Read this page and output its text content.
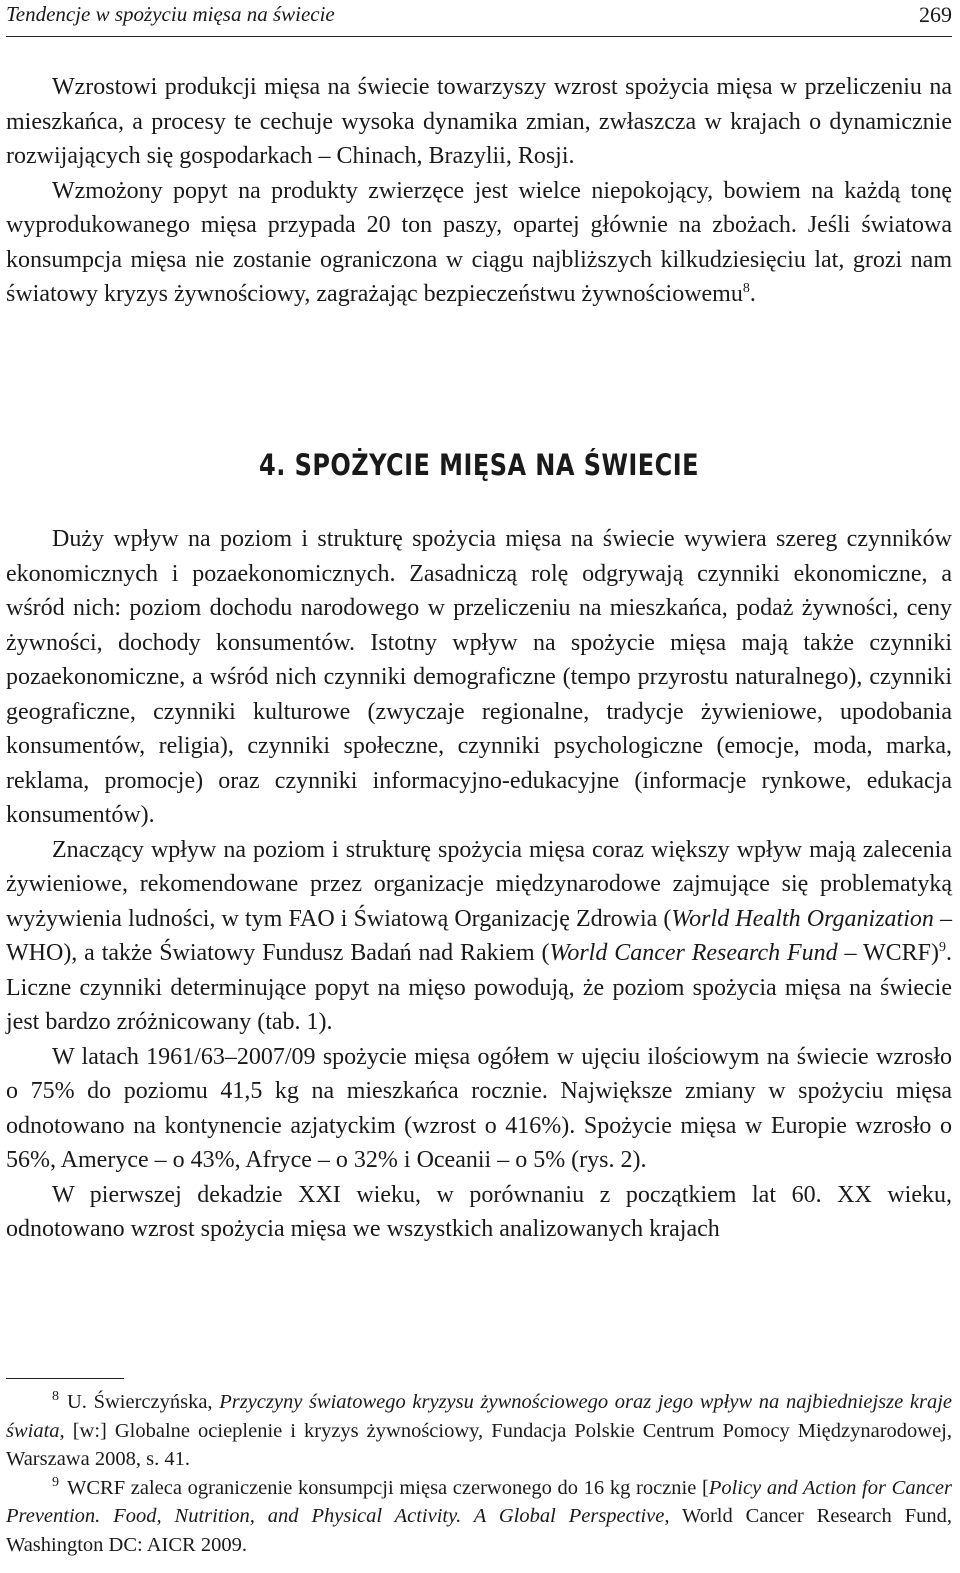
Tendencje w spożyciu mięsa na świecie	269

Wzrostowi produkcji mięsa na świecie towarzyszy wzrost spożycia mięsa w przeliczeniu na mieszkańca, a procesy te cechuje wysoka dynamika zmian, zwłaszcza w krajach o dynamicznie rozwijających się gospodarkach – Chinach, Brazylii, Rosji.

Wzmożony popyt na produkty zwierzęce jest wielce niepokojący, bowiem na każdą tonę wyprodukowanego mięsa przypada 20 ton paszy, opartej głównie na zbożach. Jeśli światowa konsumpcja mięsa nie zostanie ograniczona w ciągu najbliższych kilkudziesięciu lat, grozi nam światowy kryzys żywnościowy, zagrażając bezpieczeństwu żywnościowemu$^8$.

4. SPOŻYCIE MIĘSA NA ŚWIECIE

Duży wpływ na poziom i strukturę spożycia mięsa na świecie wywiera szereg czynników ekonomicznych i pozaekonomicznych. Zasadniczą rolę odgrywają czynniki ekonomiczne, a wśród nich: poziom dochodu narodowego w przeliczeniu na mieszkańca, podaż żywności, ceny żywności, dochody konsumentów. Istotny wpływ na spożycie mięsa mają także czynniki pozaekonomiczne, a wśród nich czynniki demograficzne (tempo przyrostu naturalnego), czynniki geograficzne, czynniki kulturowe (zwyczaje regionalne, tradycje żywieniowe, upodobania konsumentów, religia), czynniki społeczne, czynniki psychologiczne (emocje, moda, marka, reklama, promocje) oraz czynniki informacyjno-edukacyjne (informacje rynkowe, edukacja konsumentów).

Znaczący wpływ na poziom i strukturę spożycia mięsa coraz większy wpływ mają zalecenia żywieniowe, rekomendowane przez organizacje międzynarodowe zajmujące się problematyką wyżywienia ludności, w tym FAO i Światową Organizację Zdrowia (World Health Organization – WHO), a także Światowy Fundusz Badań nad Rakiem (World Cancer Research Fund – WCRF)$^9$. Liczne czynniki determinujące popyt na mięso powodują, że poziom spożycia mięsa na świecie jest bardzo zróżnicowany (tab. 1).

W latach 1961/63–2007/09 spożycie mięsa ogółem w ujęciu ilościowym na świecie wzrosło o 75% do poziomu 41,5 kg na mieszkańca rocznie. Największe zmiany w spożyciu mięsa odnotowano na kontynencie azjatyckim (wzrost o 416%). Spożycie mięsa w Europie wzrosło o 56%, Ameryce – o 43%, Afryce – o 32% i Oceanii – o 5% (rys. 2).

W pierwszej dekadzie XXI wieku, w porównaniu z początkiem lat 60. XX wieku, odnotowano wzrost spożycia mięsa we wszystkich analizowanych krajach

$^8$ U. Świerczyńska, Przyczyny światowego kryzysu żywnościowego oraz jego wpływ na najbiedniejsze kraje świata, [w:] Globalne ocieplenie i kryzys żywnościowy, Fundacja Polskie Centrum Pomocy Międzynarodowej, Warszawa 2008, s. 41.

$^9$ WCRF zaleca ograniczenie konsumpcji mięsa czerwonego do 16 kg rocznie [Policy and Action for Cancer Prevention. Food, Nutrition, and Physical Activity. A Global Perspective, World Cancer Research Fund, Washington DC: AICR 2009.
